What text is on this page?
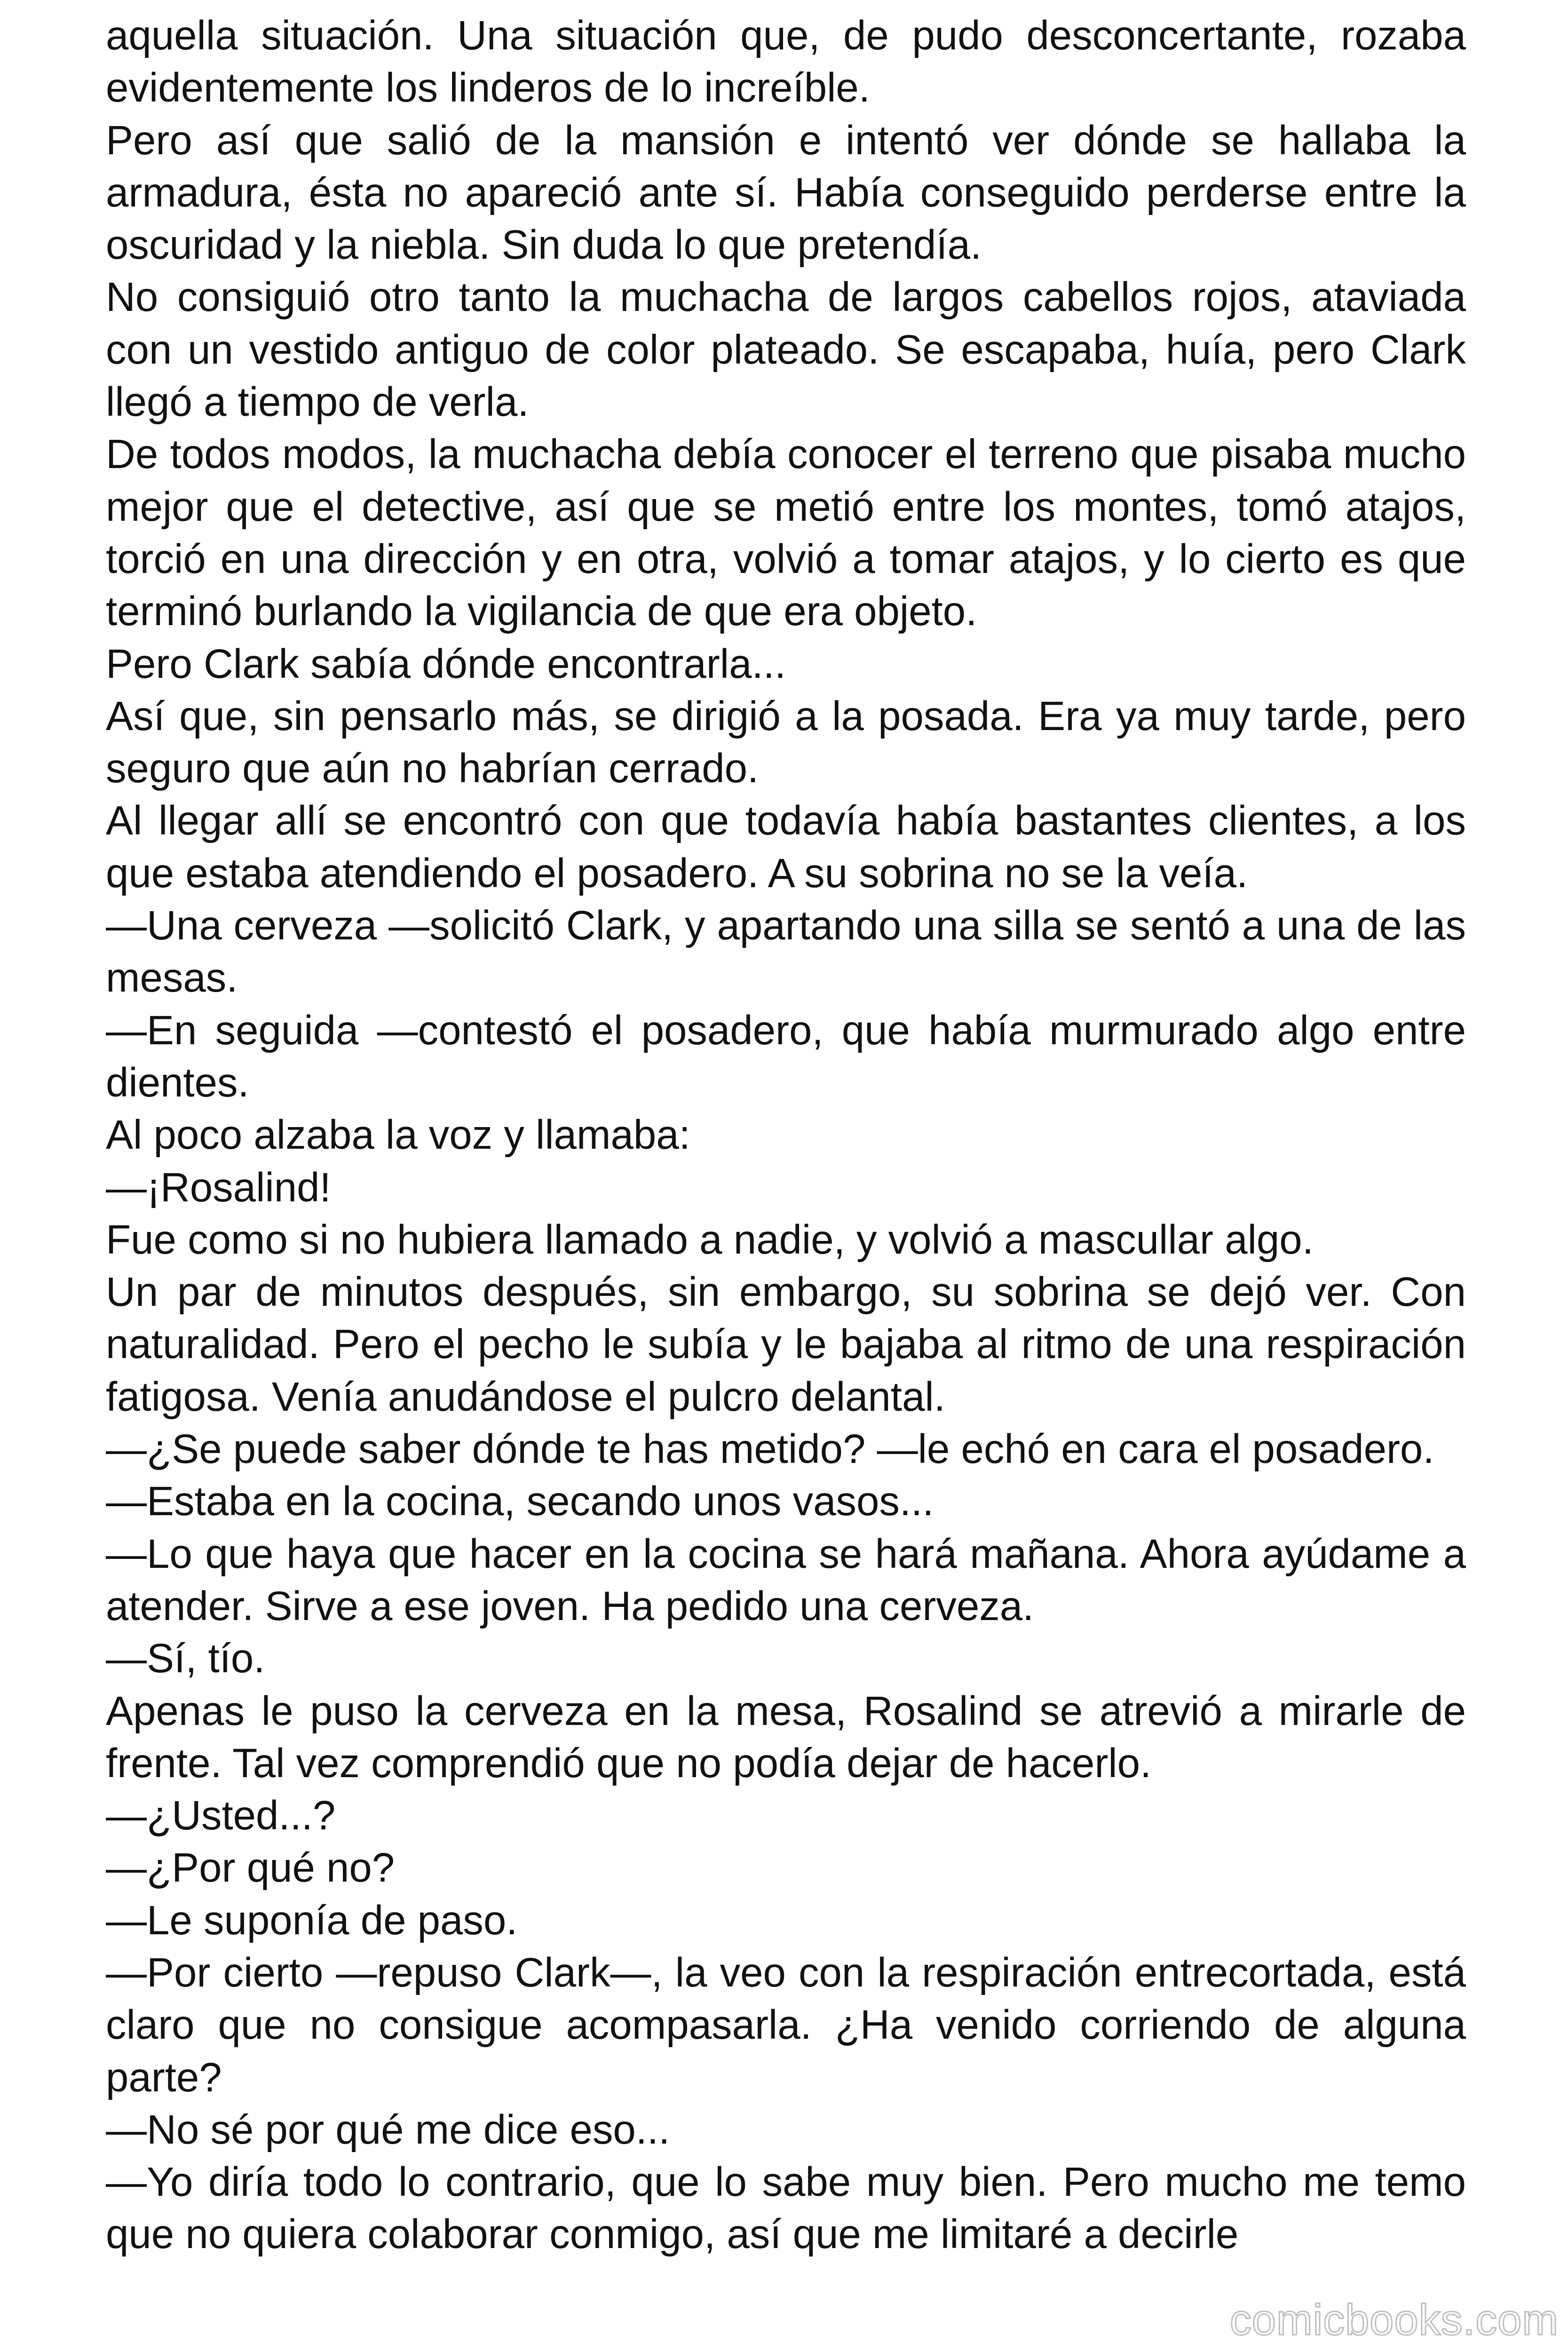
aquella situación. Una situación que, de pudo desconcertante, rozaba evidentemente los linderos de lo increíble.

Pero así que salió de la mansión e intentó ver dónde se hallaba la armadura, ésta no apareció ante sí. Había conseguido perderse entre la oscuridad y la niebla. Sin duda lo que pretendía.

No consiguió otro tanto la muchacha de largos cabellos rojos, ataviada con un vestido antiguo de color plateado. Se escapaba, huía, pero Clark llegó a tiempo de verla.

De todos modos, la muchacha debía conocer el terreno que pisaba mucho mejor que el detective, así que se metió entre los montes, tomó atajos, torció en una dirección y en otra, volvió a tomar atajos, y lo cierto es que terminó burlando la vigilancia de que era objeto.

Pero Clark sabía dónde encontrarla...

Así que, sin pensarlo más, se dirigió a la posada. Era ya muy tarde, pero seguro que aún no habrían cerrado.

Al llegar allí se encontró con que todavía había bastantes clientes, a los que estaba atendiendo el posadero. A su sobrina no se la veía.

—Una cerveza —solicitó Clark, y apartando una silla se sentó a una de las mesas.

—En seguida —contestó el posadero, que había murmurado algo entre dientes.

Al poco alzaba la voz y llamaba:

—¡Rosalind!

Fue como si no hubiera llamado a nadie, y volvió a mascullar algo.

Un par de minutos después, sin embargo, su sobrina se dejó ver. Con naturalidad. Pero el pecho le subía y le bajaba al ritmo de una respiración fatigosa. Venía anudándose el pulcro delantal.

—¿Se puede saber dónde te has metido? —le echó en cara el posadero.

—Estaba en la cocina, secando unos vasos...

—Lo que haya que hacer en la cocina se hará mañana. Ahora ayúdame a atender. Sirve a ese joven. Ha pedido una cerveza.

—Sí, tío.

Apenas le puso la cerveza en la mesa, Rosalind se atrevió a mirarle de frente. Tal vez comprendió que no podía dejar de hacerlo.

—¿Usted...?

—¿Por qué no?

—Le suponía de paso.

—Por cierto —repuso Clark—, la veo con la respiración entrecortada, está claro que no consigue acompasarla. ¿Ha venido corriendo de alguna parte?

—No sé por qué me dice eso...

—Yo diría todo lo contrario, que lo sabe muy bien. Pero mucho me temo que no quiera colaborar conmigo, así que me limitaré a decirle

comicbooks.com
